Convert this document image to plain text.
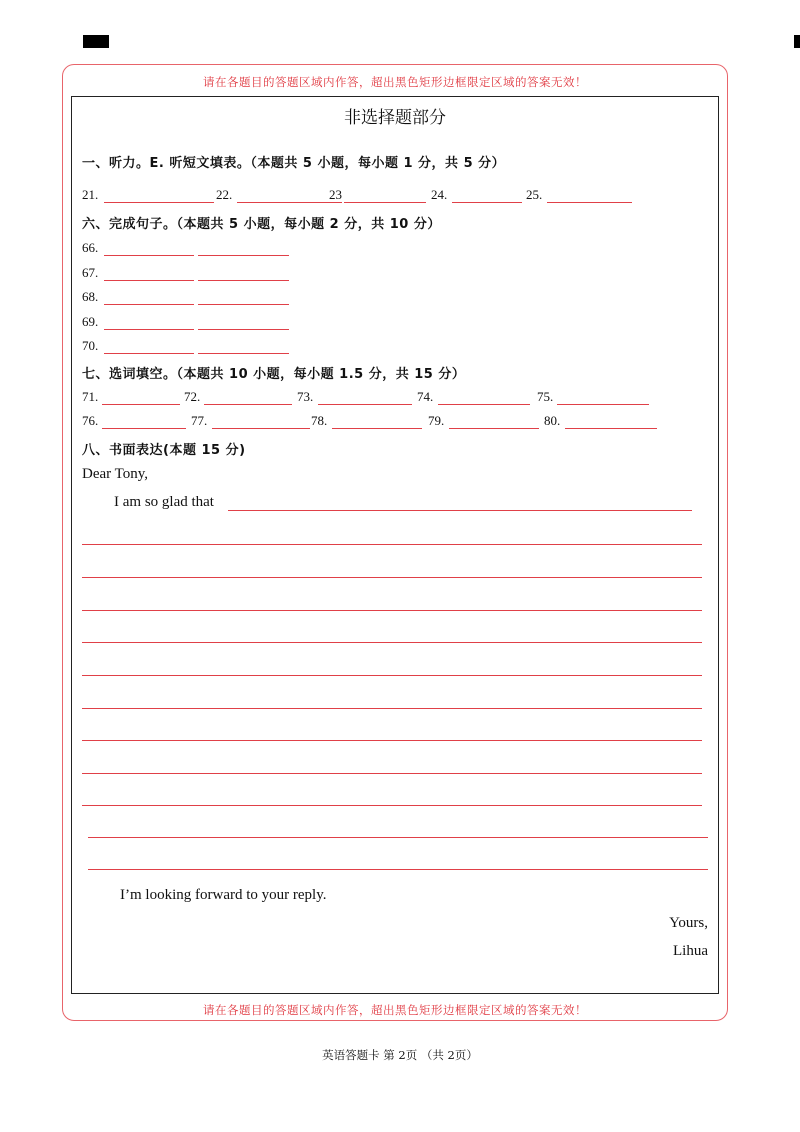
请在各题目的答题区域内作答，超出黑色矩形边框限定区域的答案无效！
请在各题目的答题区域内作答，超出黑色矩形边框限定区域的答案无效！
非选择题部分
一、听力。E. 听短文填表。（本题共 5 小题，每小题 1 分，共 5 分）
21.	22.	23	24.	25.
六、完成句子。（本题共 5 小题，每小题 2 分，共 10 分）
66.
67.
68.
69.
70.
七、选词填空。（本题共 10 小题，每小题 1.5 分，共 15 分）
71.	72.	73.	74.	75.
76.	77.	78.	79.	80.
八、书面表达(本题 15 分)
Dear Tony,
I am so glad that
I’m looking forward to your reply.
Yours,
Lihua
英语答题卡 第 2页 （共 2页）
